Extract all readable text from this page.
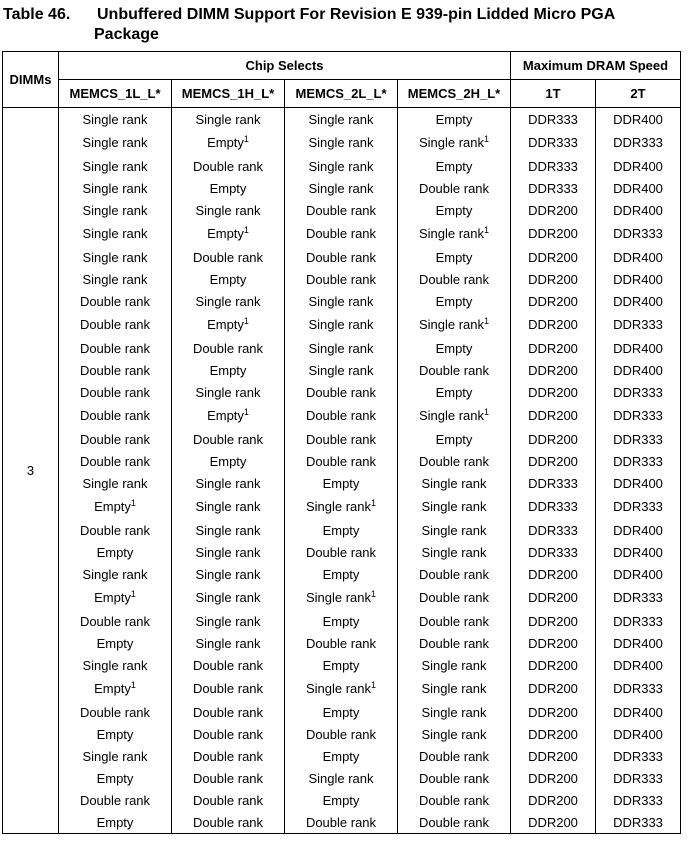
Table 46. Unbuffered DIMM Support For Revision E 939-pin Lidded Micro PGA
Package
DIMMs	Chip Selects				Maximum DRAM Speed	
	MEMCS_1L_L*	MEMCS_1H_L*	MEMCS_2L_L*	MEMCS_2H_L*	1T	2T
3	Single rank	Single rank	Single rank	Empty	DDR333	DDR400
	Single rank	Empty$^1$	Single rank	Single rank$^1$	DDR333	DDR333
	Single rank	Double rank	Single rank	Empty	DDR333	DDR400
	Single rank	Empty	Single rank	Double rank	DDR333	DDR400
	Single rank	Single rank	Double rank	Empty	DDR200	DDR400
	Single rank	Empty$^1$	Double rank	Single rank$^1$	DDR200	DDR333
	Single rank	Double rank	Double rank	Empty	DDR200	DDR400
	Single rank	Empty	Double rank	Double rank	DDR200	DDR400
	Double rank	Single rank	Single rank	Empty	DDR200	DDR400
	Double rank	Empty$^1$	Single rank	Single rank$^1$	DDR200	DDR333
	Double rank	Double rank	Single rank	Empty	DDR200	DDR400
	Double rank	Empty	Single rank	Double rank	DDR200	DDR400
	Double rank	Single rank	Double rank	Empty	DDR200	DDR333
	Double rank	Empty$^1$	Double rank	Single rank$^1$	DDR200	DDR333
	Double rank	Double rank	Double rank	Empty	DDR200	DDR333
	Double rank	Empty	Double rank	Double rank	DDR200	DDR333
	Single rank	Single rank	Empty	Single rank	DDR333	DDR400
	Empty$^1$	Single rank	Single rank$^1$	Single rank	DDR333	DDR333
	Double rank	Single rank	Empty	Single rank	DDR333	DDR400
	Empty	Single rank	Double rank	Single rank	DDR333	DDR400
	Single rank	Single rank	Empty	Double rank	DDR200	DDR400
	Empty$^1$	Single rank	Single rank$^1$	Double rank	DDR200	DDR333
	Double rank	Single rank	Empty	Double rank	DDR200	DDR333
	Empty	Single rank	Double rank	Double rank	DDR200	DDR400
	Single rank	Double rank	Empty	Single rank	DDR200	DDR400
	Empty$^1$	Double rank	Single rank$^1$	Single rank	DDR200	DDR333
	Double rank	Double rank	Empty	Single rank	DDR200	DDR400
	Empty	Double rank	Double rank	Single rank	DDR200	DDR400
	Single rank	Double rank	Empty	Double rank	DDR200	DDR333
	Empty	Double rank	Single rank	Double rank	DDR200	DDR333
	Double rank	Double rank	Empty	Double rank	DDR200	DDR333
	Empty	Double rank	Double rank	Double rank	DDR200	DDR333
